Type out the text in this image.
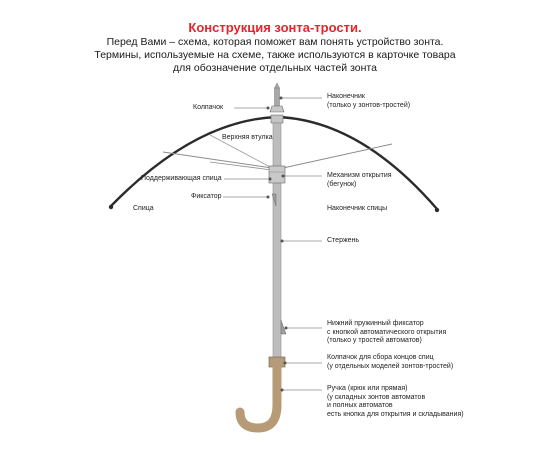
Конструкция зонта-трости.
Перед Вами – схема, которая поможет вам понять устройство зонта.
Термины, используемые на схеме, также используются в карточке товара
для обозначение отдельных частей зонта
Наконечник
(только у зонтов-тростей)
Колпачок
Верхняя втулка
Механизм открытия
(бегунок)
Поддерживающая спица
Фиксатор
Спица	Наконечник спицы
Стержень
Нижний пружинный фиксатор
с кнопкой автоматического открытия
(только у тростей автоматов)
Колпачок для сбора концов спиц
(у отдельных моделей зонтов-тростей)
Ручка (крюк или прямая)
(у складных зонтов автоматов
и полных автоматов
есть кнопка для открытия и складывания)
